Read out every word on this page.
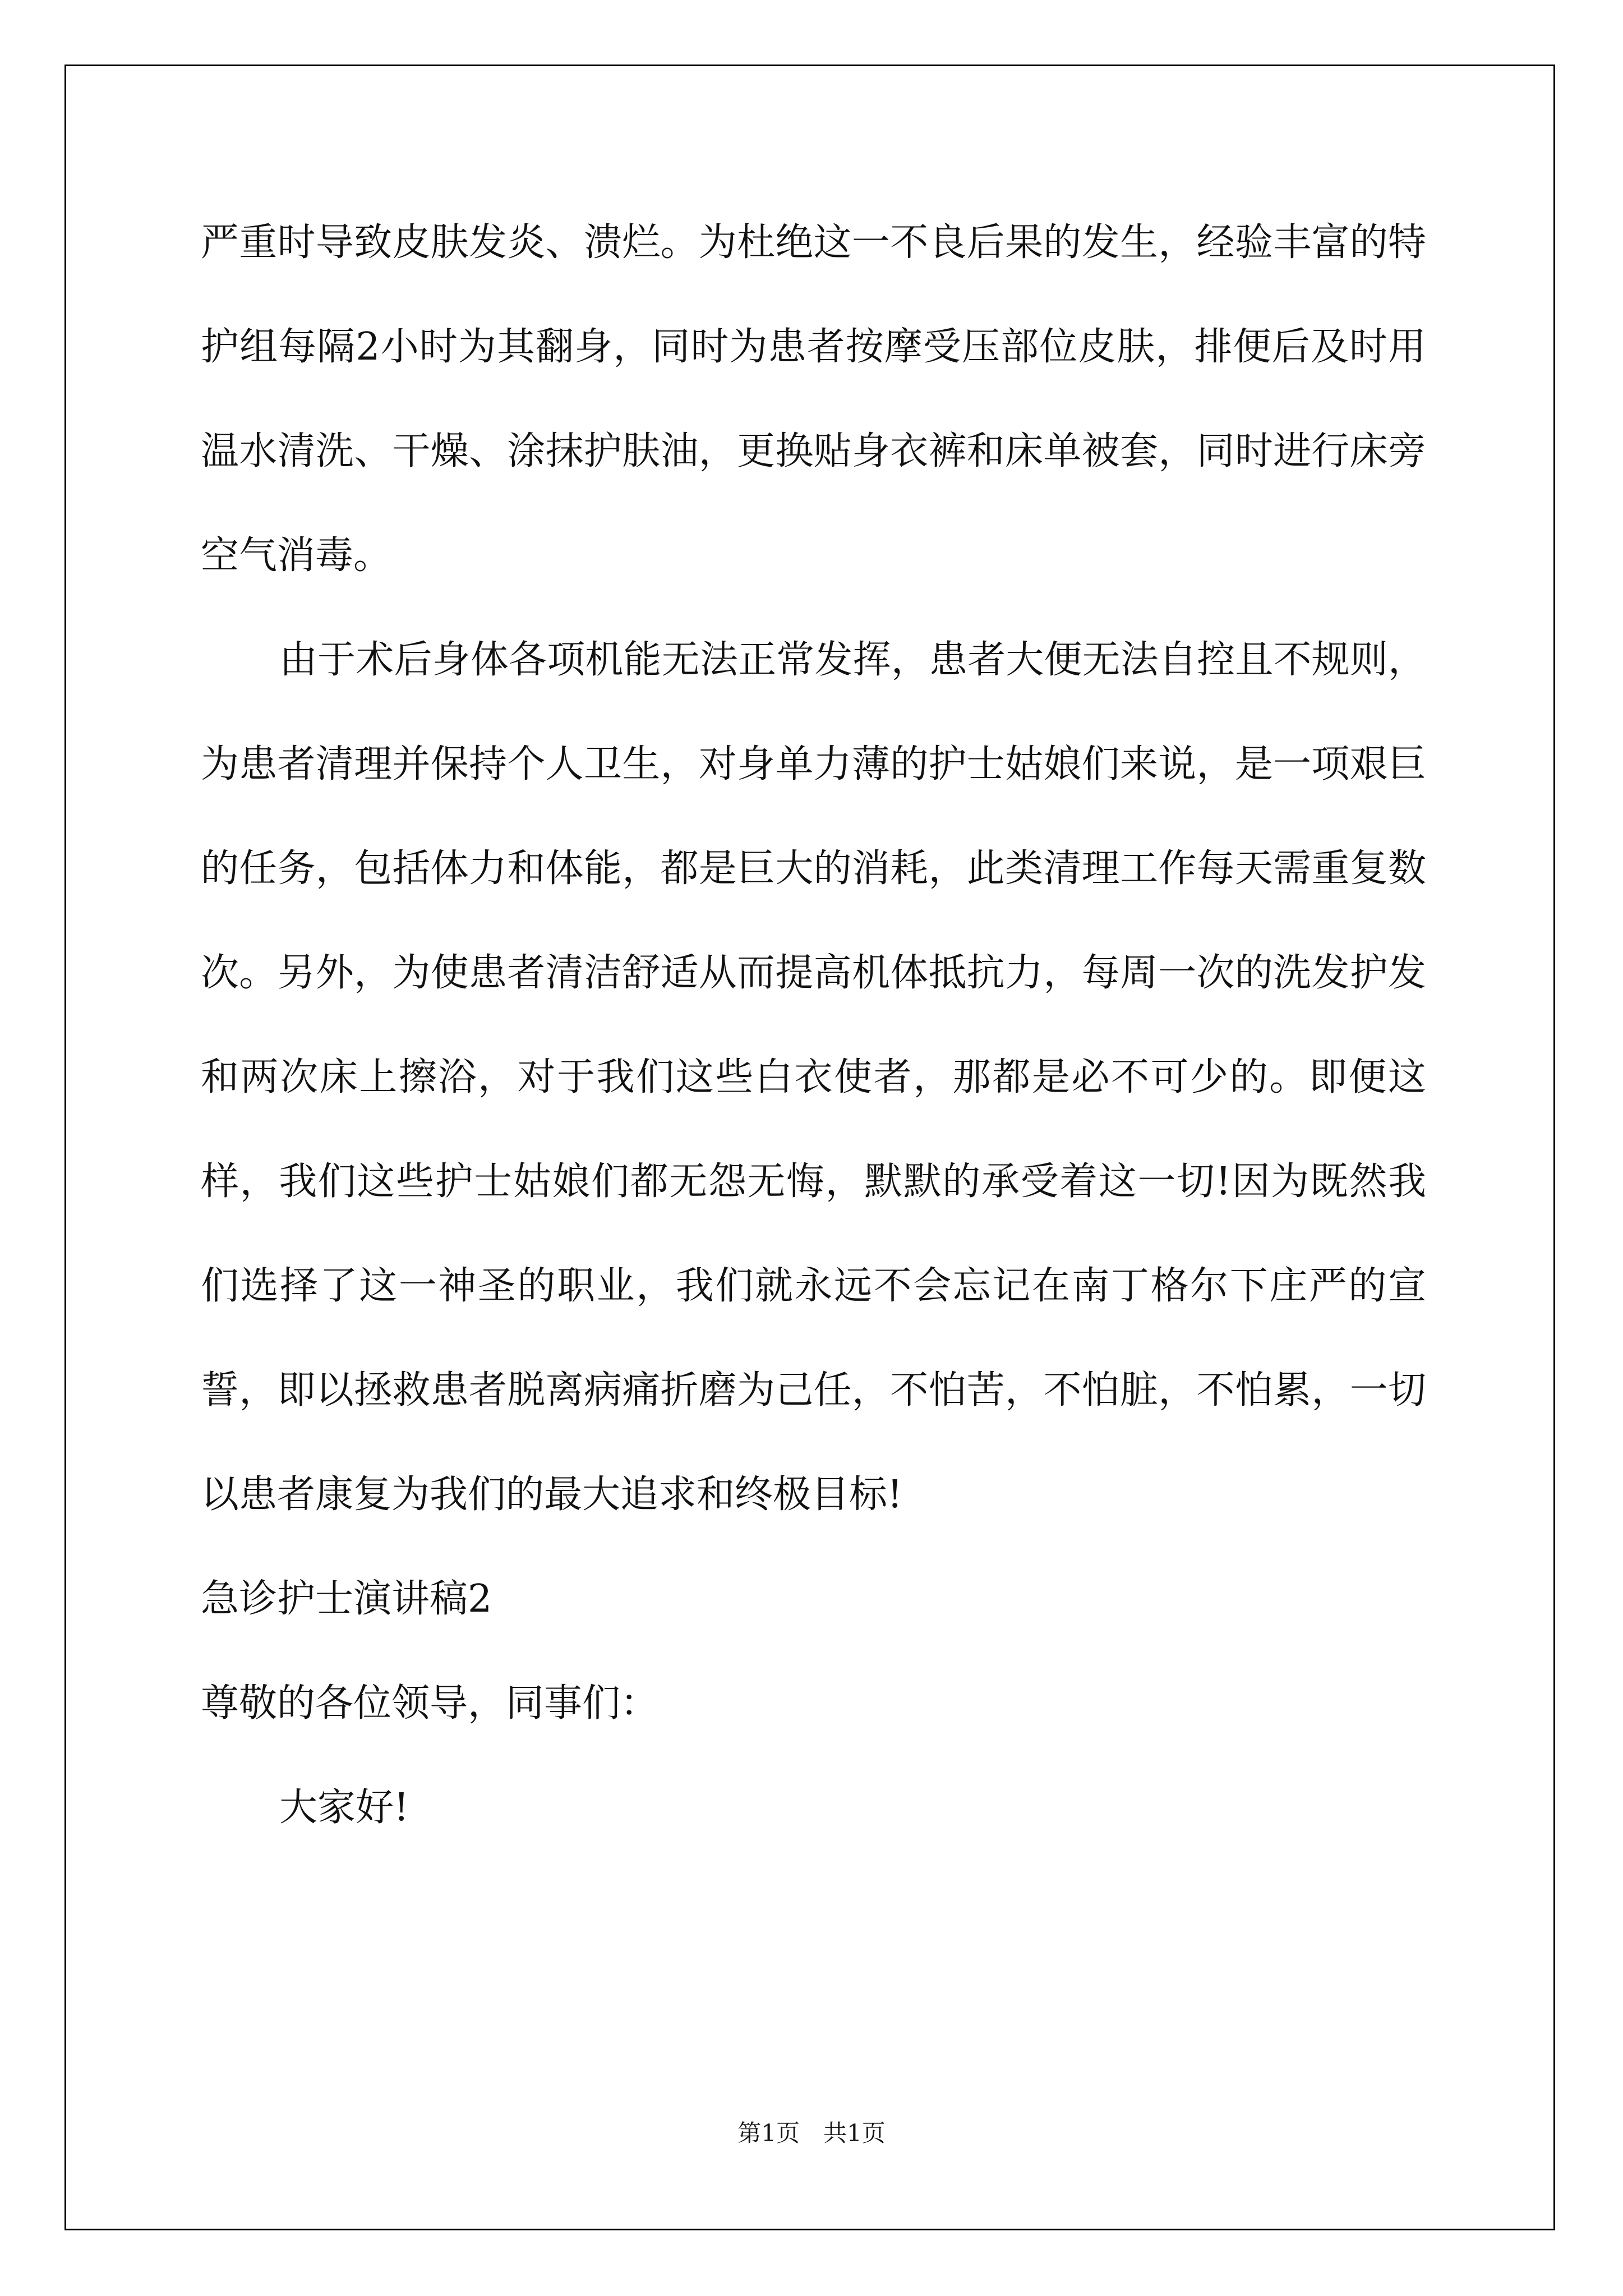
严重时导致皮肤发炎、溃烂。为杜绝这一不良后果的发生，经验丰富的特护组每隔2小时为其翻身，同时为患者按摩受压部位皮肤，排便后及时用温水清洗、干燥、涂抹护肤油，更换贴身衣裤和床单被套，同时进行床旁空气消毒。

由于术后身体各项机能无法正常发挥，患者大便无法自控且不规则，为患者清理并保持个人卫生，对身单力薄的护士姑娘们来说，是一项艰巨的任务，包括体力和体能，都是巨大的消耗，此类清理工作每天需重复数次。另外，为使患者清洁舒适从而提高机体抵抗力，每周一次的洗发护发和两次床上擦浴，对于我们这些白衣使者，那都是必不可少的。即便这样，我们这些护士姑娘们都无怨无悔，默默的承受着这一切!因为既然我们选择了这一神圣的职业，我们就永远不会忘记在南丁格尔下庄严的宣誓，即以拯救患者脱离病痛折磨为己任，不怕苦，不怕脏，不怕累，一切以患者康复为我们的最大追求和终极目标!

急诊护士演讲稿2

尊敬的各位领导，同事们：

大家好!

第1页　共1页
